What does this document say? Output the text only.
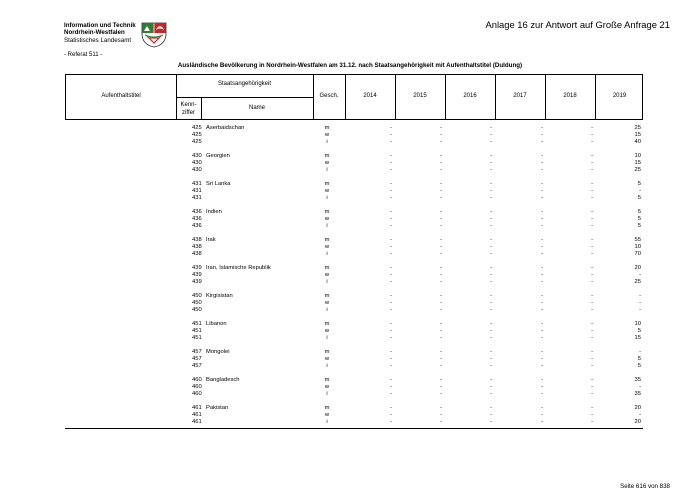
Information und Technik
Nordrhein-Westfalen
Statistisches Landesamt
Anlage 16 zur Antwort auf Große Anfrage 21
- Referat 511 -
Ausländische Bevölkerung in Nordrhein-Westfalen am 31.12. nach Staatsangehörigkeit mit Aufenthaltstitel (Duldung)
Aufenthaltstitel
Staatsangehörigkeit
Kenn-
ziffer
Name
Gesch.	2014	2015	2016	2017	2018	2019
425 Aserbaidschan	m	-	-	-	-	-	25
425	w	-	-	-	-	-	15
425	i	-	-	-	-	-	40
430 Georgien	m	-	-	-	-	-	10
430	w	-	-	-	-	-	15
430	i	-	-	-	-	-	25
431 Sri Lanka	m	-	-	-	-	-	5
431	w	-	-	-	-	-	-
431	i	-	-	-	-	-	5
436 Indien	m	-	-	-	-	-	5
436	w	-	-	-	-	-	5
436	i	-	-	-	-	-	5
438 Irak	m	-	-	-	-	-	55
438	w	-	-	-	-	-	10
438	i	-	-	-	-	-	70
439 Iran, Islamische Republik	m	-	-	-	-	-	20
439	w	-	-	-	-	-	-
439	i	-	-	-	-	-	25
450 Kirgisistan	m	-	-	-	-	-	-
450	w	-	-	-	-	-	-
450	i	-	-	-	-	-	-
451 Libanon	m	-	-	-	-	-	10
451	w	-	-	-	-	-	5
451	i	-	-	-	-	-	15
457 Mongolei	m	-	-	-	-	-	-
457	w	-	-	-	-	-	5
457	i	-	-	-	-	-	5
460 Bangladesch	m	-	-	-	-	-	35
460	w	-	-	-	-	-	-
460	i	-	-	-	-	-	35
461 Pakistan	m	-	-	-	-	-	20
461	w	-	-	-	-	-	-
461	i	-	-	-	-	-	20
Seite 616 von 838
